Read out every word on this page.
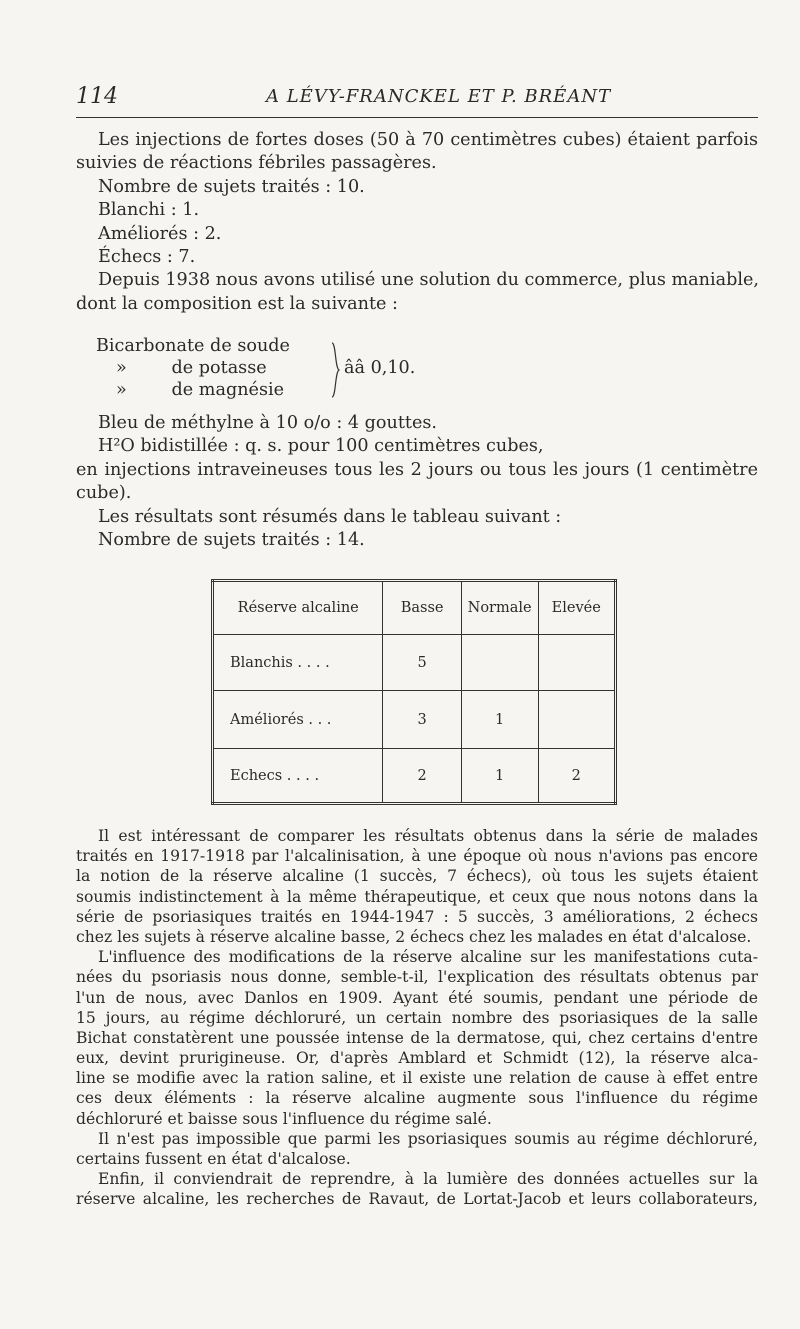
114	A LÉVY-FRANCKEL ET P. BRÉANT
Les injections de fortes doses (50 à 70 centimètres cubes) étaient parfois
suivies de réactions fébriles passagères.
Nombre de sujets traités : 10.
Blanchi : 1.
Améliorés : 2.
Échecs : 7.
Depuis 1938 nous avons utilisé une solution du commerce, plus maniable,
dont la composition est la suivante :
Bicarbonate de soude
»        de potasse
»        de magnésie
ââ 0,10.
Bleu de méthylne à 10 o/o : 4 gouttes.
H²O bidistillée : q. s. pour 100 centimètres cubes,
en injections intraveineuses tous les 2 jours ou tous les jours (1 centimètre
cube).
Les résultats sont résumés dans le tableau suivant :
Nombre de sujets traités : 14.
Réserve alcaline	Basse	Normale	Elevée
Blanchis . . . .	5		
Améliorés . . .	3	1	
Echecs . . . .	2	1	2
Il est intéressant de comparer les résultats obtenus dans la série de malades
traités en 1917-1918 par l'alcalinisation, à une époque où nous n'avions pas encore
la notion de la réserve alcaline (1 succès, 7 échecs), où tous les sujets étaient
soumis indistinctement à la même thérapeutique, et ceux que nous notons dans la
série de psoriasiques traités en 1944-1947 : 5 succès, 3 améliorations, 2 échecs
chez les sujets à réserve alcaline basse, 2 échecs chez les malades en état d'alcalose.
L'influence des modifications de la réserve alcaline sur les manifestations cuta-
nées du psoriasis nous donne, semble-t-il, l'explication des résultats obtenus par
l'un de nous, avec Danlos en 1909. Ayant été soumis, pendant une période de
15 jours, au régime déchloruré, un certain nombre des psoriasiques de la salle
Bichat constatèrent une poussée intense de la dermatose, qui, chez certains d'entre
eux, devint prurigineuse. Or, d'après Amblard et Schmidt (12), la réserve alca-
line se modifie avec la ration saline, et il existe une relation de cause à effet entre
ces deux éléments : la réserve alcaline augmente sous l'influence du régime
déchloruré et baisse sous l'influence du régime salé.
Il n'est pas impossible que parmi les psoriasiques soumis au régime déchloruré,
certains fussent en état d'alcalose.
Enfin, il conviendrait de reprendre, à la lumière des données actuelles sur la
réserve alcaline, les recherches de Ravaut, de Lortat-Jacob et leurs collaborateurs,
